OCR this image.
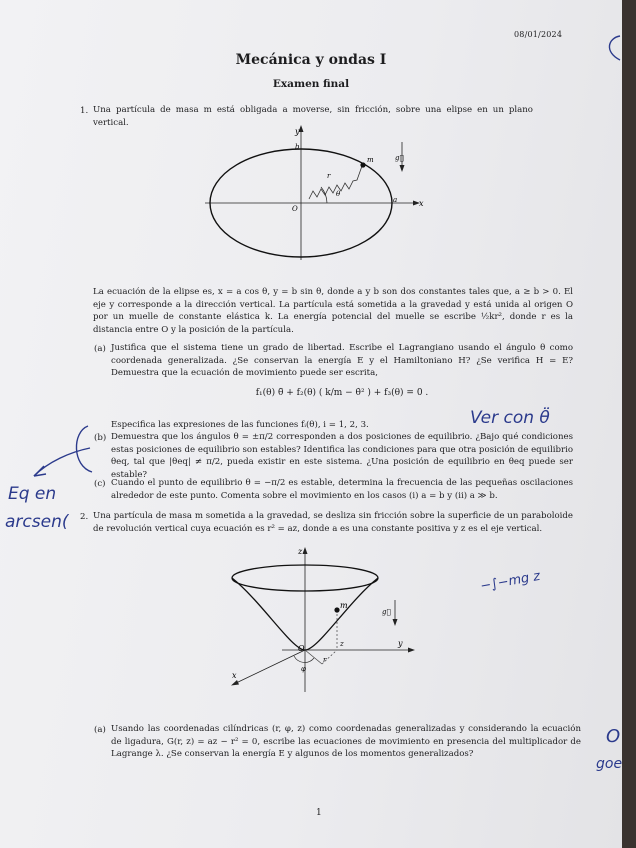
08/01/2024
Mecánica y ondas I
Examen final
1. Una partícula de masa m está obligada a moverse, sin fricción, sobre una elipse en un plano vertical.
y
x
b
a
O
m
r
θ
g⃗
La ecuación de la elipse es, x = a cos θ, y = b sin θ, donde a y b son dos constantes tales que, a ≥ b > 0. El eje y corresponde a la dirección vertical. La partícula está sometida a la gravedad y está unida al origen O por un muelle de constante elástica k. La energía potencial del muelle se escribe ½kr², donde r es la distancia entre O y la posición de la partícula.
(a) Justifica que el sistema tiene un grado de libertad. Escribe el Lagrangiano usando el ángulo θ como coordenada generalizada. ¿Se conservan la energía E y el Hamiltoniano H? ¿Se verifica H = E? Demuestra que la ecuación de movimiento puede ser escrita,
f₁(θ) θ̈ + f₂(θ) ( k/m − θ̇² ) + f₃(θ) = 0 .
Especifica las expresiones de las funciones fᵢ(θ), i = 1, 2, 3.
(b) Demuestra que los ángulos θ = ±π/2 corresponden a dos posiciones de equilibrio. ¿Bajo qué condiciones estas posiciones de equilibrio son estables? Identifica las condiciones para que otra posición de equilibrio θeq, tal que |θeq| ≠ π/2, pueda existir en este sistema. ¿Una posición de equilibrio en θeq puede ser estable?
(c) Cuando el punto de equilibrio θ = −π/2 es estable, determina la frecuencia de las pequeñas oscilaciones alrededor de este punto. Comenta sobre el movimiento en los casos (i) a = b y (ii) a ≫ b.
2. Una partícula de masa m sometida a la gravedad, se desliza sin fricción sobre la superficie de un paraboloide de revolución vertical cuya ecuación es r² = az, donde a es una constante positiva y z es el eje vertical.
z
y
x
O
m
z
r
φ
g⃗
(a) Usando las coordenadas cilíndricas (r, φ, z) como coordenadas generalizadas y considerando la ecuación de ligadura, G(r, z) = az − r² = 0, escribe las ecuaciones de movimiento en presencia del multiplicador de Lagrange λ. ¿Se conservan la energía E y algunos de los momentos generalizados?
1
Ver con θ̈
Eq en
arcsen(
−∫−mg z
O
goe
